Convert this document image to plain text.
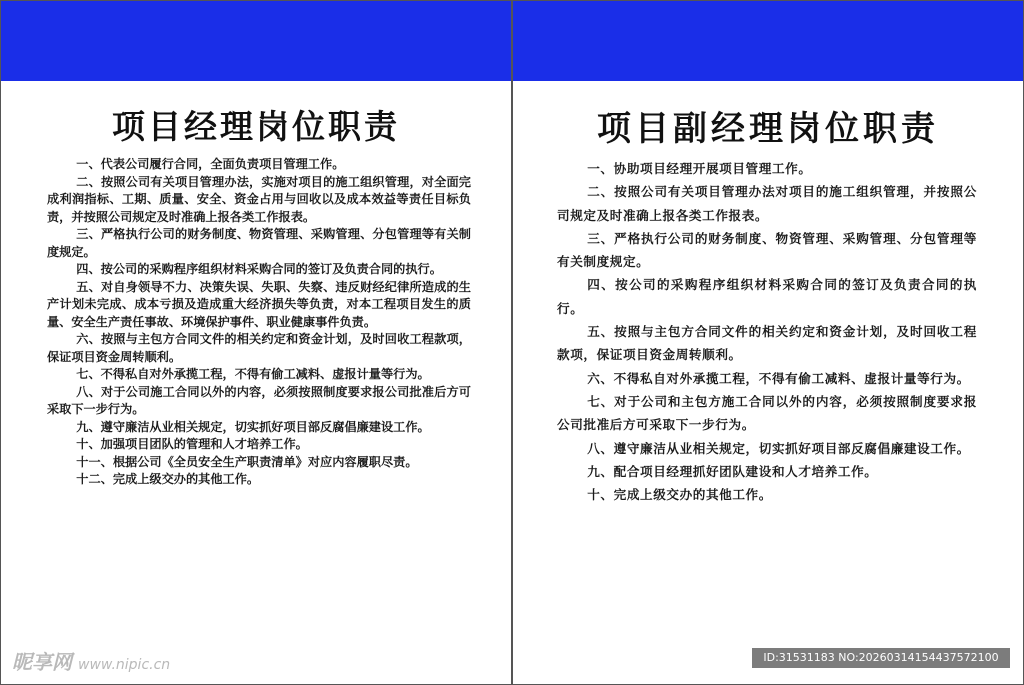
项目经理岗位职责	项目副经理岗位职责
一、代表公司履行合同，全面负责项目管理工作。
二、按照公司有关项目管理办法，实施对项目的施工组织管理，对全面完成利润指标、工期、质量、安全、资金占用与回收以及成本效益等责任目标负责，并按照公司规定及时准确上报各类工作报表。
三、严格执行公司的财务制度、物资管理、采购管理、分包管理等有关制度规定。
四、按公司的采购程序组织材料采购合同的签订及负责合同的执行。
五、对自身领导不力、决策失误、失职、失察、违反财经纪律所造成的生产计划未完成、成本亏损及造成重大经济损失等负责，对本工程项目发生的质量、安全生产责任事故、环境保护事件、职业健康事件负责。
六、按照与主包方合同文件的相关约定和资金计划，及时回收工程款项，保证项目资金周转顺利。
七、不得私自对外承揽工程，不得有偷工减料、虚报计量等行为。
八、对于公司施工合同以外的内容，必须按照制度要求报公司批准后方可采取下一步行为。
九、遵守廉洁从业相关规定，切实抓好项目部反腐倡廉建设工作。
十、加强项目团队的管理和人才培养工作。
十一、根据公司《全员安全生产职责清单》对应内容履职尽责。
十二、完成上级交办的其他工作。
一、协助项目经理开展项目管理工作。
二、按照公司有关项目管理办法对项目的施工组织管理，并按照公司规定及时准确上报各类工作报表。
三、严格执行公司的财务制度、物资管理、采购管理、分包管理等有关制度规定。
四、按公司的采购程序组织材料采购合同的签订及负责合同的执行。
五、按照与主包方合同文件的相关约定和资金计划，及时回收工程款项，保证项目资金周转顺利。
六、不得私自对外承揽工程，不得有偷工减料、虚报计量等行为。
七、对于公司和主包方施工合同以外的内容，必须按照制度要求报公司批准后方可采取下一步行为。
八、遵守廉洁从业相关规定，切实抓好项目部反腐倡廉建设工作。
九、配合项目经理抓好团队建设和人才培养工作。
十、完成上级交办的其他工作。
昵享网 www.nipic.cn	ID:31531183 NO:20260314154437572100
